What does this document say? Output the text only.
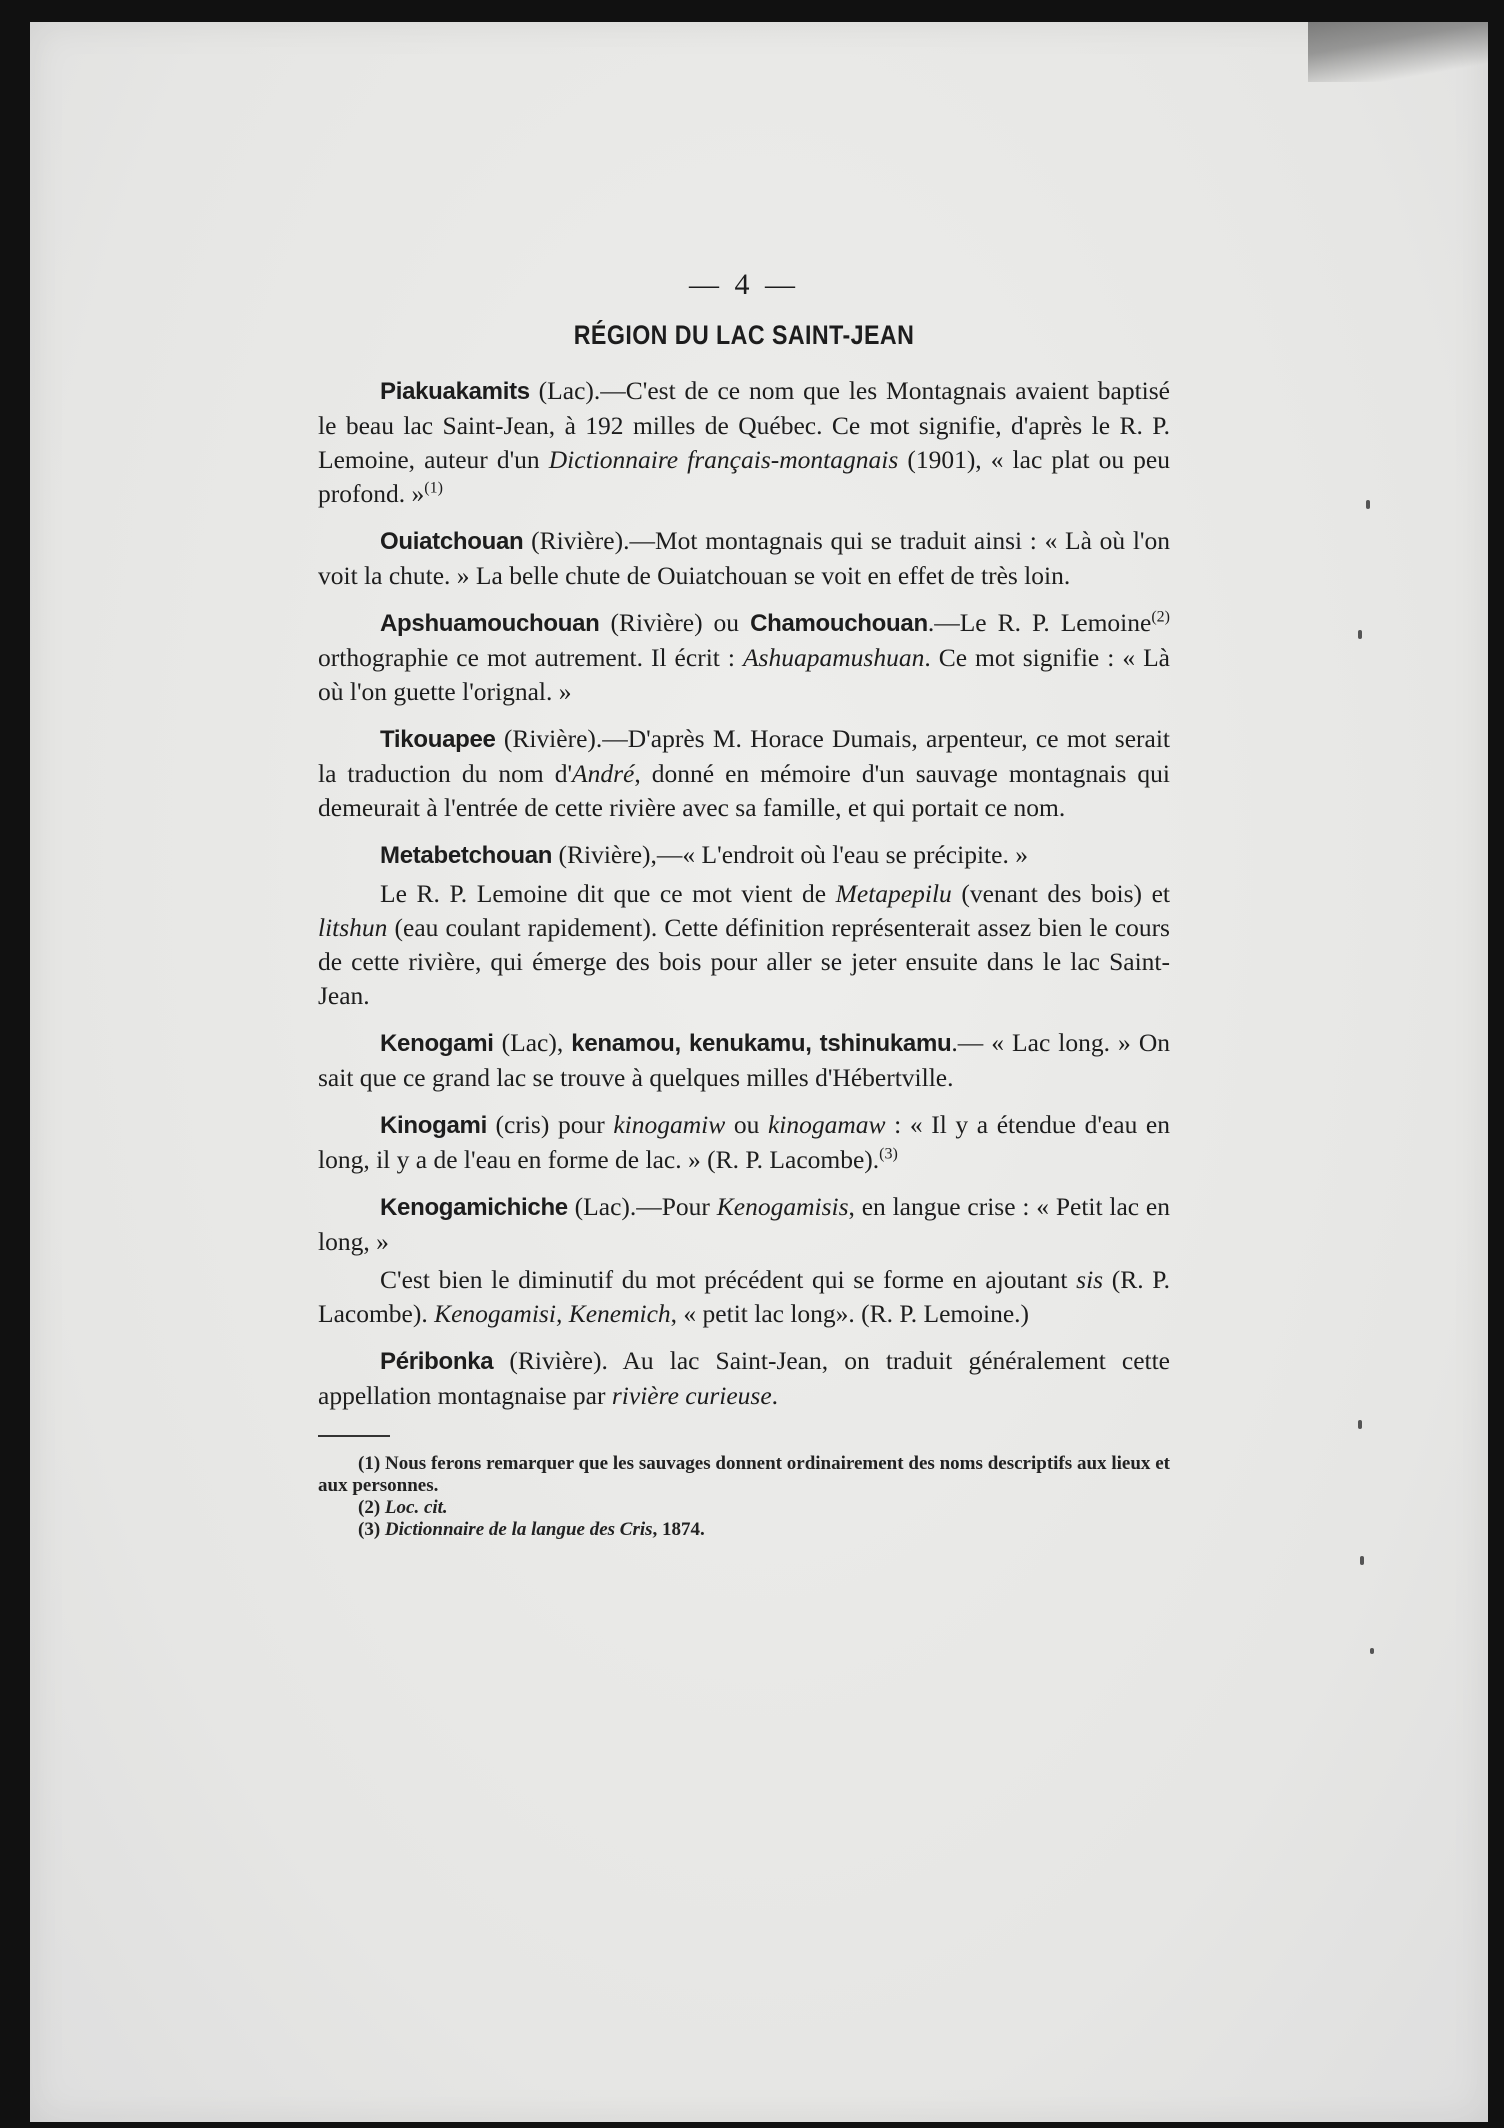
— 4 —
RÉGION DU LAC SAINT-JEAN

Piakuakamits (Lac).—C'est de ce nom que les Montagnais avaient baptisé le beau lac Saint-Jean, à 192 milles de Québec. Ce mot signifie, d'après le R. P. Lemoine, auteur d'un Dictionnaire français-montagnais (1901), « lac plat ou peu profond. »$^{(1)}$

Ouiatchouan (Rivière).—Mot montagnais qui se traduit ainsi : « Là où l'on voit la chute. » La belle chute de Ouiatchouan se voit en effet de très loin.

Apshuamouchouan (Rivière) ou Chamouchouan.—Le R. P. Lemoine$^{(2)}$ orthographie ce mot autrement. Il écrit : Ashuapamushuan. Ce mot signifie : « Là où l'on guette l'orignal. »

Tikouapee (Rivière).—D'après M. Horace Dumais, arpenteur, ce mot serait la traduction du nom d'André, donné en mémoire d'un sauvage montagnais qui demeurait à l'entrée de cette rivière avec sa famille, et qui portait ce nom.

Metabetchouan (Rivière),—« L'endroit où l'eau se précipite. »

Le R. P. Lemoine dit que ce mot vient de Metapepilu (venant des bois) et litshun (eau coulant rapidement). Cette définition représenterait assez bien le cours de cette rivière, qui émerge des bois pour aller se jeter ensuite dans le lac Saint-Jean.

Kenogami (Lac), kenamou, kenukamu, tshinukamu.— « Lac long. » On sait que ce grand lac se trouve à quelques milles d'Hébertville.

Kinogami (cris) pour kinogamiw ou kinogamaw : « Il y a étendue d'eau en long, il y a de l'eau en forme de lac. » (R. P. Lacombe).$^{(3)}$

Kenogamichiche (Lac).—Pour Kenogamisis, en langue crise : « Petit lac en long, »

C'est bien le diminutif du mot précédent qui se forme en ajoutant sis (R. P. Lacombe). Kenogamisi, Kenemich, « petit lac long». (R. P. Lemoine.)

Péribonka (Rivière). Au lac Saint-Jean, on traduit généralement cette appellation montagnaise par rivière curieuse.

(1) Nous ferons remarquer que les sauvages donnent ordinairement des noms descriptifs aux lieux et aux personnes.

(2) Loc. cit.

(3) Dictionnaire de la langue des Cris, 1874.
